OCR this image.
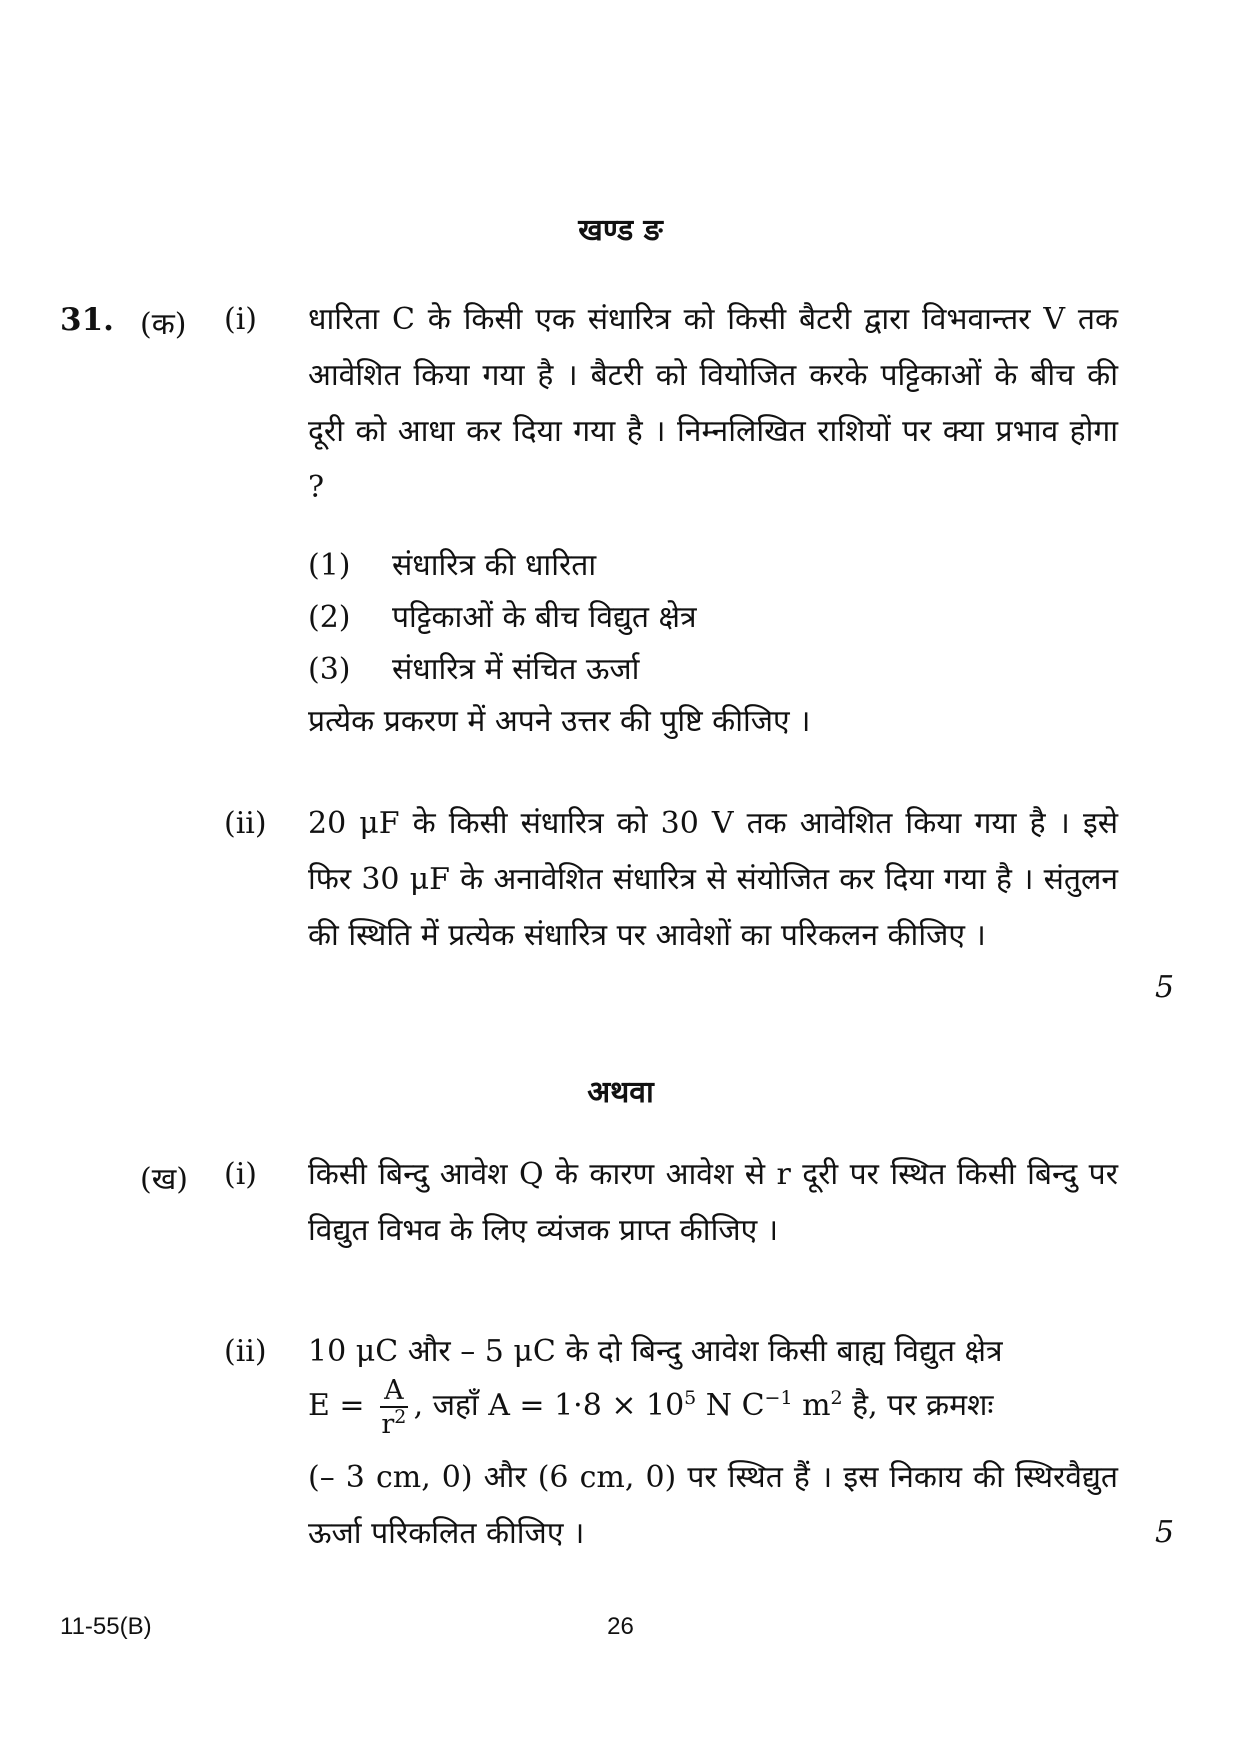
खण्ड ङ
31. (क) (i) धारिता C के किसी एक संधारित्र को किसी बैटरी द्वारा विभवान्तर V तक आवेशित किया गया है । बैटरी को वियोजित करके पट्टिकाओं के बीच की दूरी को आधा कर दिया गया है । निम्नलिखित राशियों पर क्या प्रभाव होगा ?
(1) संधारित्र की धारिता
(2) पट्टिकाओं के बीच विद्युत क्षेत्र
(3) संधारित्र में संचित ऊर्जा
प्रत्येक प्रकरण में अपने उत्तर की पुष्टि कीजिए ।
(ii) 20 μF के किसी संधारित्र को 30 V तक आवेशित किया गया है । इसे फिर 30 μF के अनावेशित संधारित्र से संयोजित कर दिया गया है । संतुलन की स्थिति में प्रत्येक संधारित्र पर आवेशों का परिकलन कीजिए ।
5
अथवा
(ख) (i) किसी बिन्दु आवेश Q के कारण आवेश से r दूरी पर स्थित किसी बिन्दु पर विद्युत विभव के लिए व्यंजक प्राप्त कीजिए ।
(ii) 10 μC और – 5 μC के दो बिन्दु आवेश किसी बाह्य विद्युत क्षेत्र
$E = \frac{A}{r^2}$ , जहाँ $A = 1\cdot 8 \times 10^5$ N $C^{-1}$ $m^2$ है, पर क्रमशः
(– 3 cm, 0) और (6 cm, 0) पर स्थित हैं । इस निकाय की स्थिरवैद्युत ऊर्जा परिकलित कीजिए ।	5
11-55(B)	26
